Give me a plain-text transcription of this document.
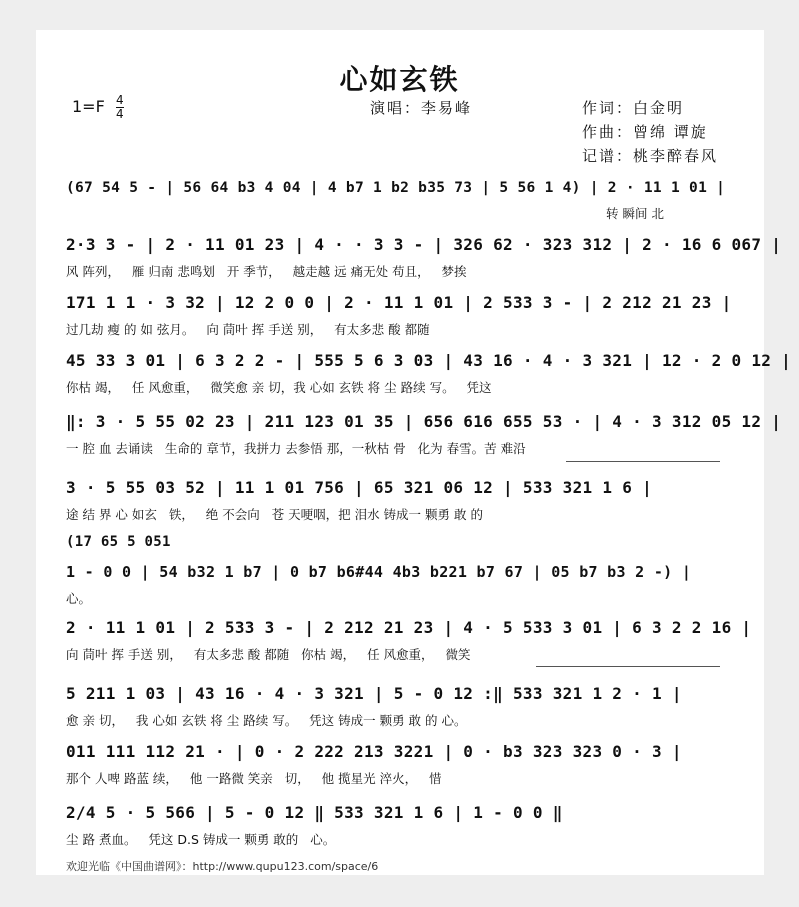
心如玄铁
$1=F \frac{4}{4}$	演唱：李易峰	作词：白金明
作曲：曾绵 谭旋
记谱：桃李醉春风
(67 54 5 - | 56 64 b3 4 04 | 4 b7 1 b2 b35 73 | 5 56 1 4) | 2 · 11 1 01 |
转 瞬间 北
2·3 3 - | 2 · 11 01 23 | 4 · · 3 3 - | 326 62 · 323 312 | 2 · 16 6 067 |
风 阵列，   雁 归南 悲鸣划   开 季节，   越走越 远 痛无处 苟且，   梦挨
171 1 1 · 3 32 | 12 2 0 0 | 2 · 11 1 01 | 2 533 3 - | 2 212 21 23 |
过几劫 瘦 的 如 弦月。   向 茼叶 挥 手送 别，   有太多悲 酸 都随
45 33 3 01 | 6 3 2 2 - | 555 5 6 3 03 | 43 16 · 4 · 3 321 | 12 · 2 0 12 |
你枯 竭，   任 风愈重，   微笑愈 亲 切，我 心如 玄铁 将 尘 路续 写。   凭这
‖: 3 · 5 55 02 23 | 211 123 01 35 | 656 616 655 53 · | 4 · 3 312 05 12 |
一 腔 血 去诵读   生命的 章节，我拼力 去参悟 那，一秋枯 骨   化为 春雪。苦 难沿
3 · 5 55 03 52 | 11 1 01 756 | 65 321 06 12 | 533 321 1 6 |
途 结 界 心 如玄   铁，   绝 不会向   苍 天哽咽，把 泪水 铸成一 颗勇 敢 的
(17 65 5 051
1 - 0 0 | 54 b32 1 b7 | 0 b7 b6#44 4b3 b221 b7 67 | 05 b7 b3 2 -) |
心。
2 · 11 1 01 | 2 533 3 - | 2 212 21 23 | 4 · 5 533 3 01 | 6 3 2 2 16 |
向 茼叶 挥 手送 别，   有太多悲 酸 都随   你枯 竭，   任 风愈重，   微笑
5 211 1 03 | 43 16 · 4 · 3 321 | 5 - 0 12 :‖ 533 321 1 2 · 1 |
愈 亲 切，   我 心如 玄铁 将 尘 路续 写。   凭这 铸成一 颗勇 敢 的 心。
011 111 112 21 · | 0 · 2 222 213 3221 | 0 · b3 323 323 0 · 3 |
那个 人啤 路蓝 续，   他 一路微 笑亲   切，   他 揽星光 淬火，   惜
2/4 5 · 5 566 | 5 - 0 12 ‖ 533 321 1 6 | 1 - 0 0 ‖
尘 路 煮血。   凭这 D.S 铸成一 颗勇 敢的   心。
欢迎光临《中国曲谱网》：http://www.qupu123.com/space/6
